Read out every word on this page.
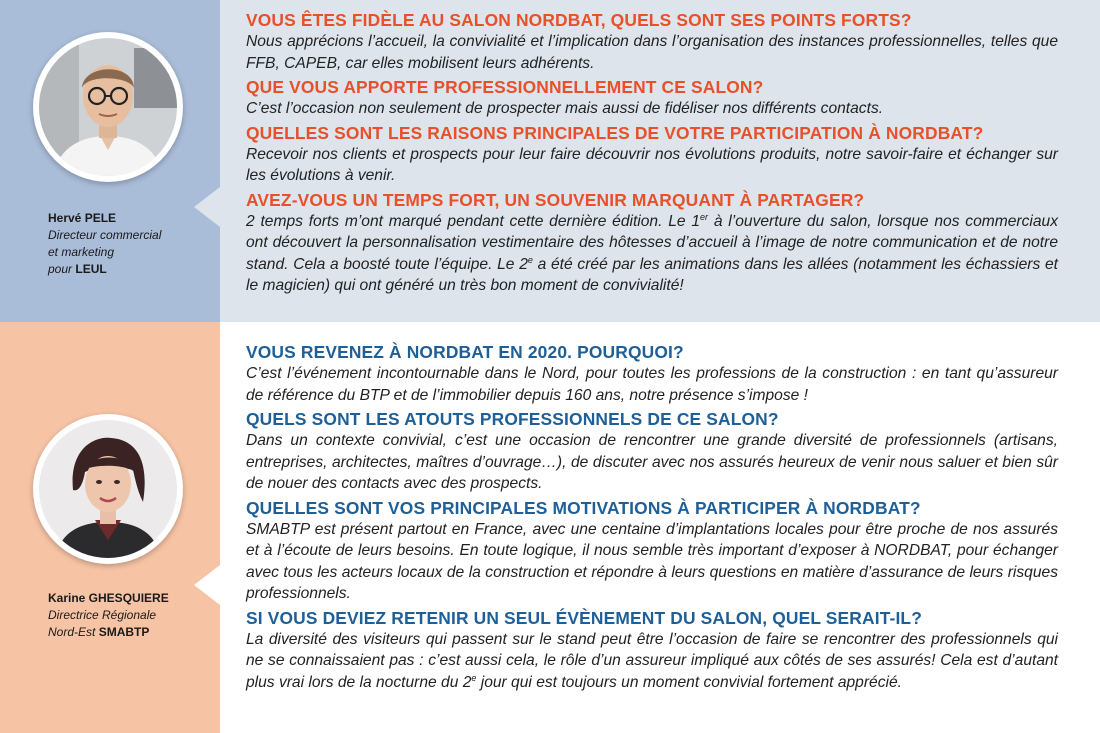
Hervé PELE
Directeur commercial
et marketing
pour LEUL

VOUS ÊTES FIDÈLE AU SALON NORDBAT, QUELS SONT SES POINTS FORTS?

Nous apprécions l’accueil, la convivialité et l’implication dans l’organisation des instances professionnelles, telles que FFB, CAPEB, car elles mobilisent leurs adhérents.

QUE VOUS APPORTE PROFESSIONNELLEMENT CE SALON?

C’est l’occasion non seulement de prospecter mais aussi de fidéliser nos différents contacts.

QUELLES SONT LES RAISONS PRINCIPALES DE VOTRE PARTICIPATION À NORDBAT?

Recevoir nos clients et prospects pour leur faire découvrir nos évolutions produits, notre savoir-faire et échanger sur les évolutions à venir.

AVEZ-VOUS UN TEMPS FORT, UN SOUVENIR MARQUANT À PARTAGER?

2 temps forts m’ont marqué pendant cette dernière édition. Le 1er à l’ouverture du salon, lorsque nos commerciaux ont découvert la personnalisation vestimentaire des hôtesses d’accueil à l’image de notre communication et de notre stand. Cela a boosté toute l’équipe. Le 2e a été créé par les animations dans les allées (notamment les échassiers et le magicien) qui ont généré un très bon moment de convivialité!

Karine GHESQUIERE
Directrice Régionale
Nord-Est SMABTP

VOUS REVENEZ À NORDBAT EN 2020. POURQUOI?

C’est l’événement incontournable dans le Nord, pour toutes les professions de la construction : en tant qu’assureur de référence du BTP et de l’immobilier depuis 160 ans, notre présence s’impose !

QUELS SONT LES ATOUTS PROFESSIONNELS DE CE SALON?

Dans un contexte convivial, c’est une occasion de rencontrer une grande diversité de professionnels (artisans, entreprises, architectes, maîtres d’ouvrage…), de discuter avec nos assurés heureux de venir nous saluer et bien sûr de nouer des contacts avec des prospects.

QUELLES SONT VOS PRINCIPALES MOTIVATIONS À PARTICIPER À NORDBAT?

SMABTP est présent partout en France, avec une centaine d’implantations locales pour être proche de nos assurés et à l’écoute de leurs besoins. En toute logique, il nous semble très important d’exposer à NORDBAT, pour échanger avec tous les acteurs locaux de la construction et répondre à leurs questions en matière d’assurance de leurs risques professionnels.

SI VOUS DEVIEZ RETENIR UN SEUL ÉVÈNEMENT DU SALON, QUEL SERAIT-IL?

La diversité des visiteurs qui passent sur le stand peut être l’occasion de faire se rencontrer des professionnels qui ne se connaissaient pas : c’est aussi cela, le rôle d’un assureur impliqué aux côtés de ses assurés! Cela est d’autant plus vrai lors de la nocturne du 2e jour qui est toujours un moment convivial fortement apprécié.
